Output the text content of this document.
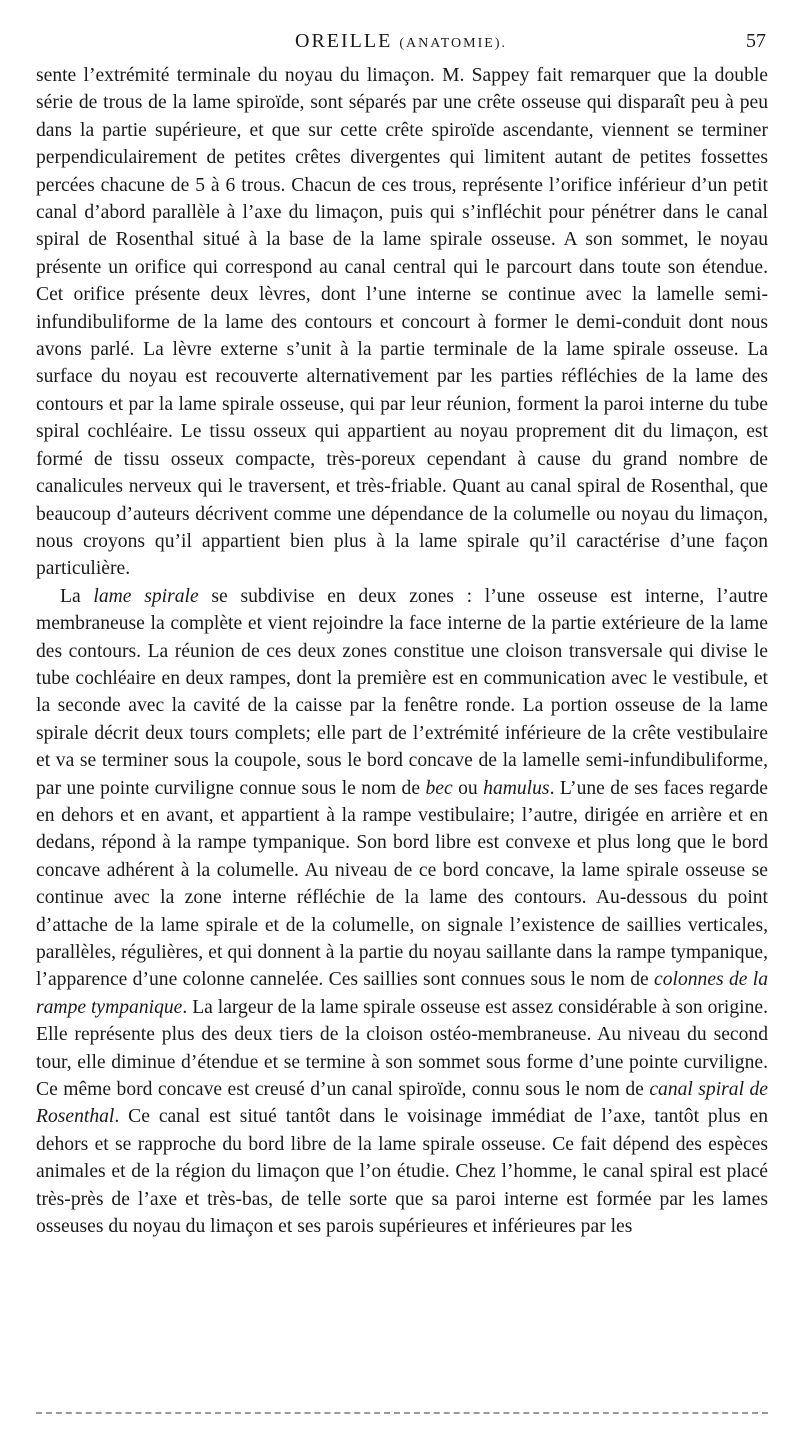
OREILLE (ANATOMIE).	57

sente l’extrémité terminale du noyau du limaçon. M. Sappey fait remarquer que la double série de trous de la lame spiroïde, sont séparés par une crête osseuse qui disparaît peu à peu dans la partie supérieure, et que sur cette crête spiroïde ascendante, viennent se terminer perpendiculairement de petites crêtes divergentes qui limitent autant de petites fossettes percées chacune de 5 à 6 trous. Chacun de ces trous, représente l’orifice inférieur d’un petit canal d’abord parallèle à l’axe du limaçon, puis qui s’infléchit pour pénétrer dans le canal spiral de Rosenthal situé à la base de la lame spirale osseuse. A son sommet, le noyau présente un orifice qui correspond au canal central qui le parcourt dans toute son étendue. Cet orifice présente deux lèvres, dont l’une interne se continue avec la lamelle semi-infundibuliforme de la lame des contours et concourt à former le demi-conduit dont nous avons parlé. La lèvre externe s’unit à la partie terminale de la lame spirale osseuse. La surface du noyau est recouverte alternativement par les parties réfléchies de la lame des contours et par la lame spirale osseuse, qui par leur réunion, forment la paroi interne du tube spiral cochléaire. Le tissu osseux qui appartient au noyau proprement dit du limaçon, est formé de tissu osseux compacte, très-poreux cependant à cause du grand nombre de canalicules nerveux qui le traversent, et très-friable. Quant au canal spiral de Rosenthal, que beaucoup d’auteurs décrivent comme une dépendance de la columelle ou noyau du limaçon, nous croyons qu’il appartient bien plus à la lame spirale qu’il caractérise d’une façon particulière.

La lame spirale se subdivise en deux zones : l’une osseuse est interne, l’autre membraneuse la complète et vient rejoindre la face interne de la partie extérieure de la lame des contours. La réunion de ces deux zones constitue une cloison transversale qui divise le tube cochléaire en deux rampes, dont la première est en communication avec le vestibule, et la seconde avec la cavité de la caisse par la fenêtre ronde. La portion osseuse de la lame spirale décrit deux tours complets; elle part de l’extrémité inférieure de la crête vestibulaire et va se terminer sous la coupole, sous le bord concave de la lamelle semi-infundibuliforme, par une pointe curviligne connue sous le nom de bec ou hamulus. L’une de ses faces regarde en dehors et en avant, et appartient à la rampe vestibulaire; l’autre, dirigée en arrière et en dedans, répond à la rampe tympanique. Son bord libre est convexe et plus long que le bord concave adhérent à la columelle. Au niveau de ce bord concave, la lame spirale osseuse se continue avec la zone interne réfléchie de la lame des contours. Au-dessous du point d’attache de la lame spirale et de la columelle, on signale l’existence de saillies verticales, parallèles, régulières, et qui donnent à la partie du noyau saillante dans la rampe tympanique, l’apparence d’une colonne cannelée. Ces saillies sont connues sous le nom de colonnes de la rampe tympanique. La largeur de la lame spirale osseuse est assez considérable à son origine. Elle représente plus des deux tiers de la cloison ostéo-membraneuse. Au niveau du second tour, elle diminue d’étendue et se termine à son sommet sous forme d’une pointe curviligne. Ce même bord concave est creusé d’un canal spiroïde, connu sous le nom de canal spiral de Rosenthal. Ce canal est situé tantôt dans le voisinage immédiat de l’axe, tantôt plus en dehors et se rapproche du bord libre de la lame spirale osseuse. Ce fait dépend des espèces animales et de la région du limaçon que l’on étudie. Chez l’homme, le canal spiral est placé très-près de l’axe et très-bas, de telle sorte que sa paroi interne est formée par les lames osseuses du noyau du limaçon et ses parois supérieures et inférieures par les
